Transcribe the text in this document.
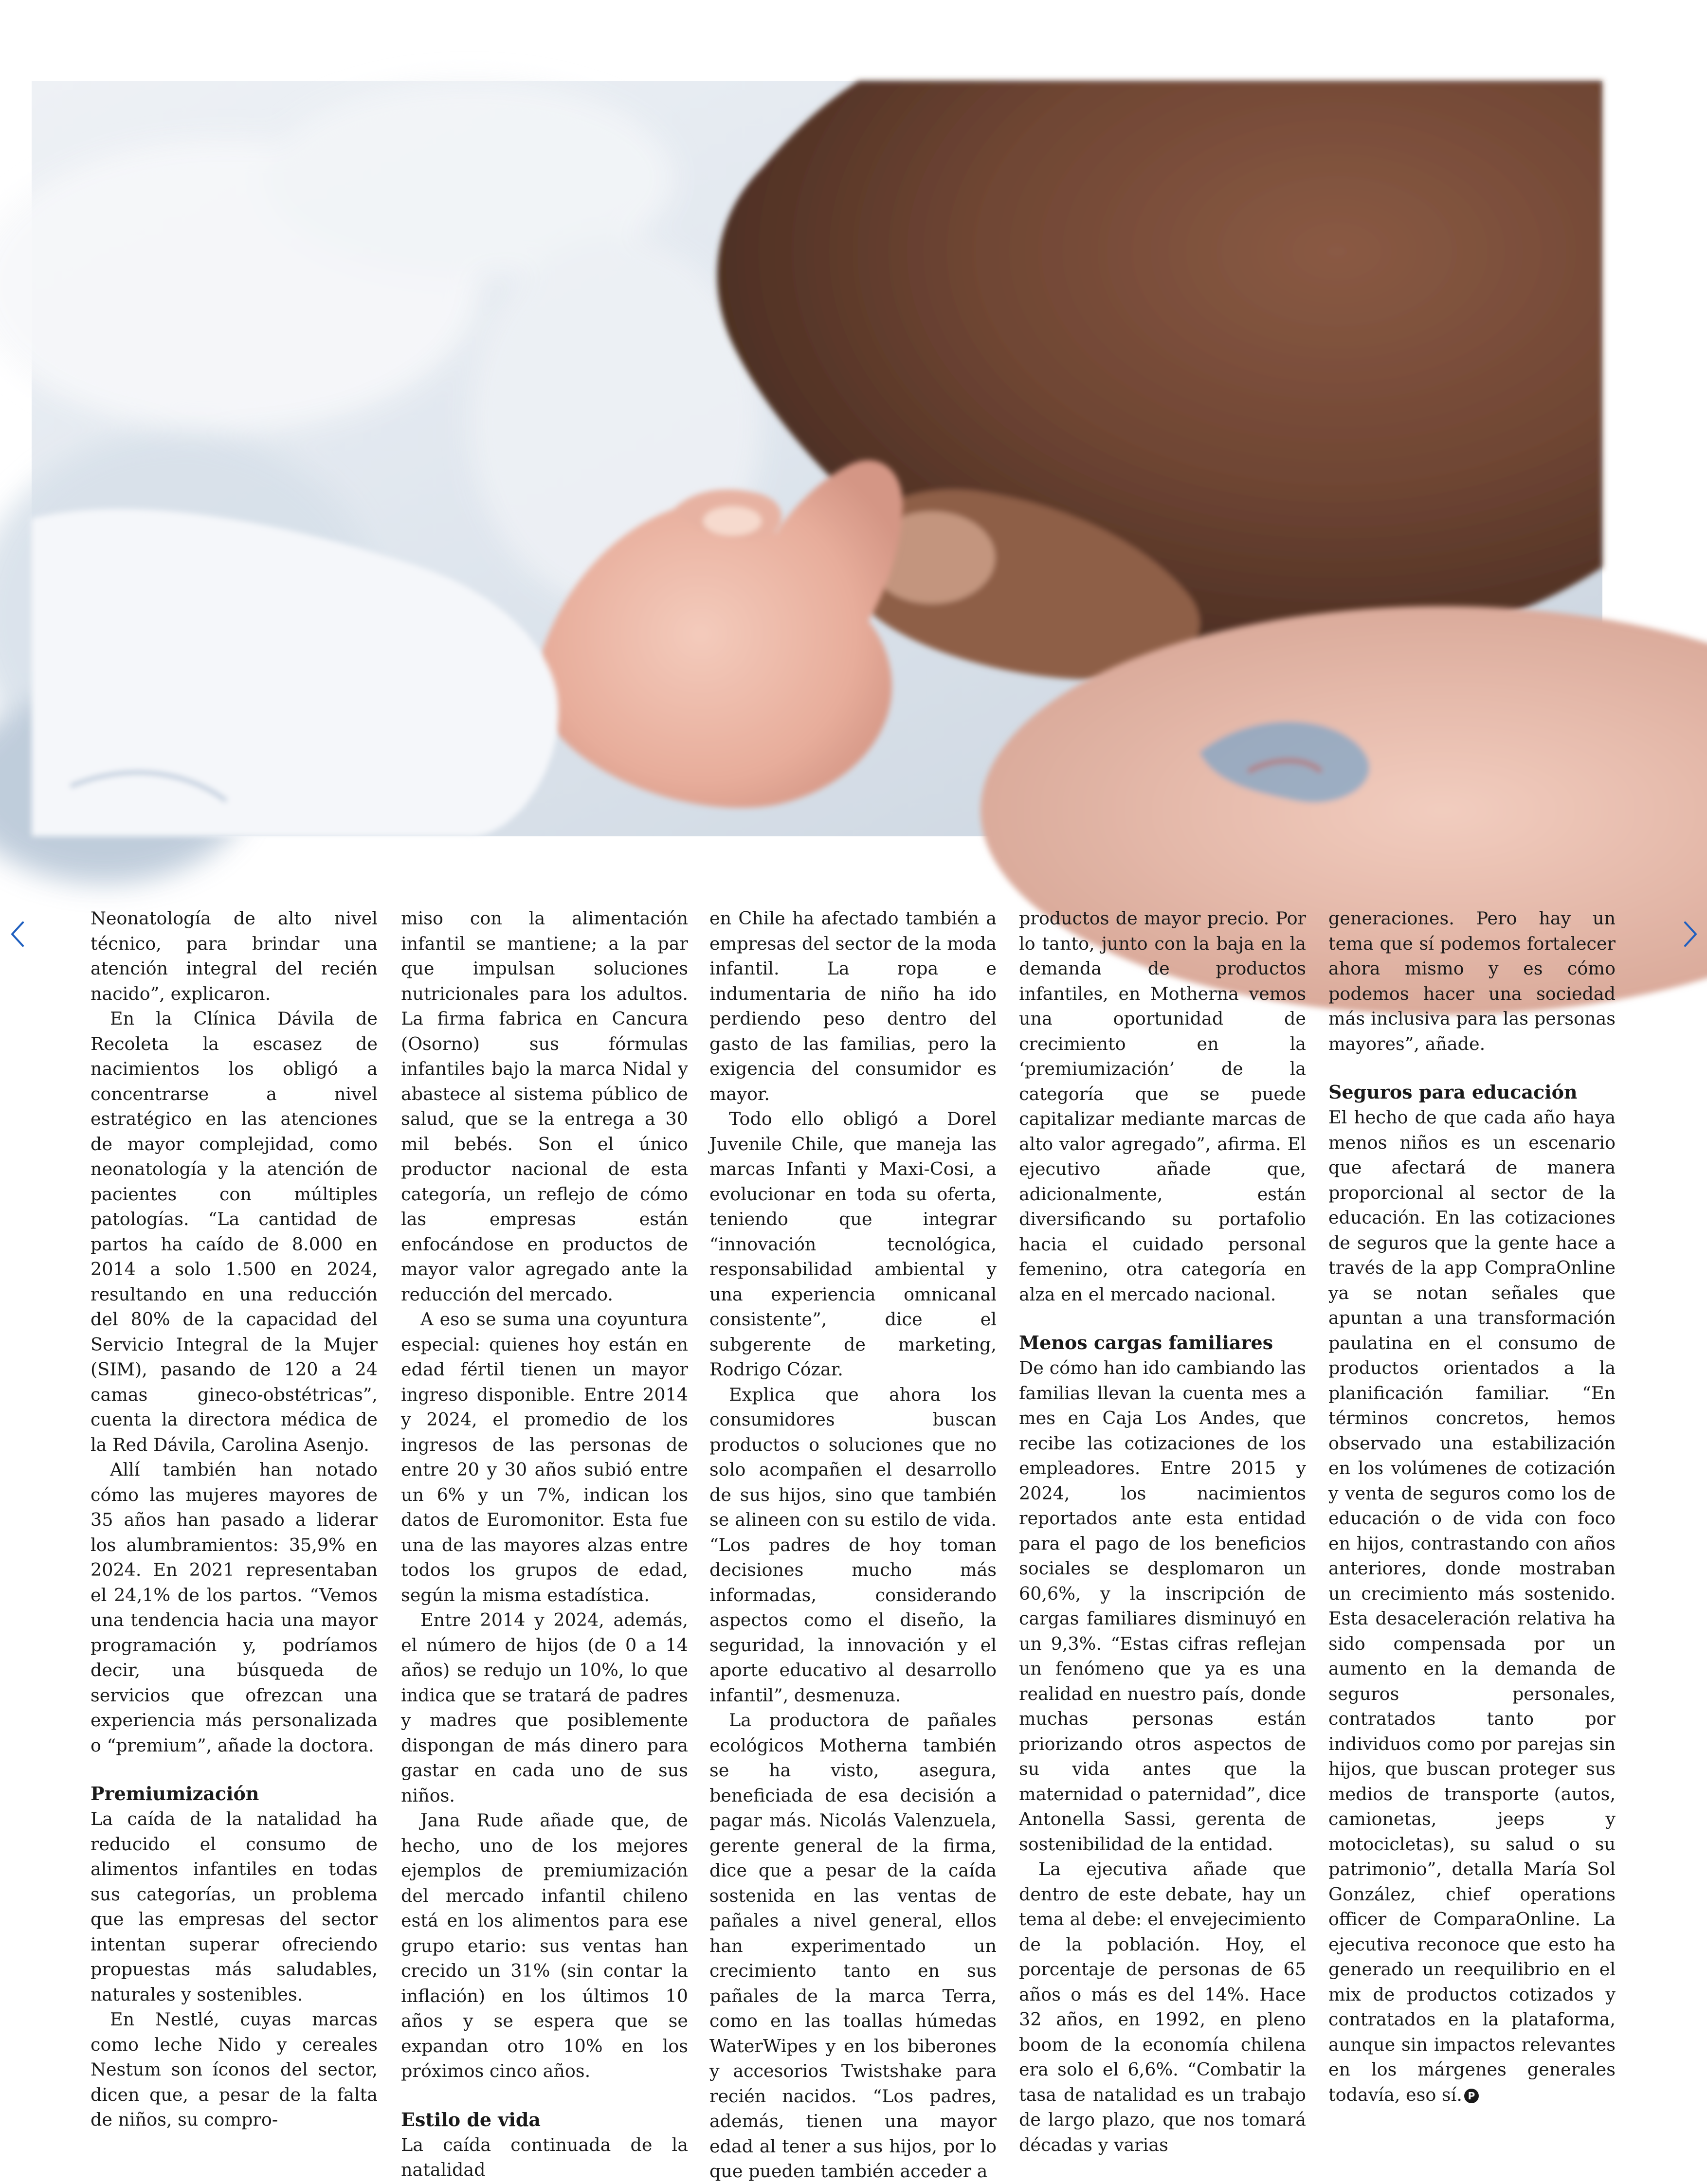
Neonatología de alto nivel técnico, para brindar una atención integral del recién nacido”, explicaron.

En la Clínica Dávila de Recoleta la escasez de nacimientos los obligó a concentrarse a nivel estratégico en las atenciones de mayor complejidad, como neonatología y la atención de pacientes con múltiples patologías. “La cantidad de partos ha caído de 8.000 en 2014 a solo 1.500 en 2024, resultando en una reducción del 80% de la capacidad del Servicio Integral de la Mujer (SIM), pasando de 120 a 24 camas gineco-obstétricas”, cuenta la directora médica de la Red Dávila, Carolina Asenjo.

Allí también han notado cómo las mujeres mayores de 35 años han pasado a liderar los alumbramientos: 35,9% en 2024. En 2021 representaban el 24,1% de los partos. “Vemos una tendencia hacia una mayor programación y, podríamos decir, una búsqueda de servicios que ofrezcan una experiencia más personalizada o “premium”, añade la doctora.

Premiumización

La caída de la natalidad ha reducido el consumo de alimentos infantiles en todas sus categorías, un problema que las empresas del sector intentan superar ofreciendo propuestas más saludables, naturales y sostenibles.

En Nestlé, cuyas marcas como leche Nido y cereales Nestum son íconos del sector, dicen que, a pesar de la falta de niños, su compro-

miso con la alimentación infantil se mantiene; a la par que impulsan soluciones nutricionales para los adultos. La firma fabrica en Cancura (Osorno) sus fórmulas infantiles bajo la marca Nidal y abastece al sistema público de salud, que se la entrega a 30 mil bebés. Son el único productor nacional de esta categoría, un reflejo de cómo las empresas están enfocándose en productos de mayor valor agregado ante la reducción del mercado.

A eso se suma una coyuntura especial: quienes hoy están en edad fértil tienen un mayor ingreso disponible. Entre 2014 y 2024, el promedio de los ingresos de las personas de entre 20 y 30 años subió entre un 6% y un 7%, indican los datos de Euromonitor. Esta fue una de las mayores alzas entre todos los grupos de edad, según la misma estadística.

Entre 2014 y 2024, además, el número de hijos (de 0 a 14 años) se redujo un 10%, lo que indica que se tratará de padres y madres que posiblemente dispongan de más dinero para gastar en cada uno de sus niños.

Jana Rude añade que, de hecho, uno de los mejores ejemplos de premiumización del mercado infantil chileno está en los alimentos para ese grupo etario: sus ventas han crecido un 31% (sin contar la inflación) en los últimos 10 años y se espera que se expandan otro 10% en los próximos cinco años.

Estilo de vida

La caída continuada de la natalidad

en Chile ha afectado también a empresas del sector de la moda infantil. La ropa e indumentaria de niño ha ido perdiendo peso dentro del gasto de las familias, pero la exigencia del consumidor es mayor.

Todo ello obligó a Dorel Juvenile Chile, que maneja las marcas Infanti y Maxi-Cosi, a evolucionar en toda su oferta, teniendo que integrar “innovación tecnológica, responsabilidad ambiental y una experiencia omnicanal consistente”, dice el subgerente de marketing, Rodrigo Cózar.

Explica que ahora los consumidores buscan productos o soluciones que no solo acompañen el desarrollo de sus hijos, sino que también se alineen con su estilo de vida. “Los padres de hoy toman decisiones mucho más informadas, considerando aspectos como el diseño, la seguridad, la innovación y el aporte educativo al desarrollo infantil”, desmenuza.

La productora de pañales ecológicos Motherna también se ha visto, asegura, beneficiada de esa decisión a pagar más. Nicolás Valenzuela, gerente general de la firma, dice que a pesar de la caída sostenida en las ventas de pañales a nivel general, ellos han experimentado un crecimiento tanto en sus pañales de la marca Terra, como en las toallas húmedas WaterWipes y en los biberones y accesorios Twistshake para recién nacidos. “Los padres, además, tienen una mayor edad al tener a sus hijos, por lo que pueden también acceder a

productos de mayor precio. Por lo tanto, junto con la baja en la demanda de productos infantiles, en Motherna vemos una oportunidad de crecimiento en la ‘premiumización’ de la categoría que se puede capitalizar mediante marcas de alto valor agregado”, afirma. El ejecutivo añade que, adicionalmente, están diversificando su portafolio hacia el cuidado personal femenino, otra categoría en alza en el mercado nacional.

Menos cargas familiares

De cómo han ido cambiando las familias llevan la cuenta mes a mes en Caja Los Andes, que recibe las cotizaciones de los empleadores. Entre 2015 y 2024, los nacimientos reportados ante esta entidad para el pago de los beneficios sociales se desplomaron un 60,6%, y la inscripción de cargas familiares disminuyó en un 9,3%. “Estas cifras reflejan un fenómeno que ya es una realidad en nuestro país, donde muchas personas están priorizando otros aspectos de su vida antes que la maternidad o paternidad”, dice Antonella Sassi, gerenta de sostenibilidad de la entidad.

La ejecutiva añade que dentro de este debate, hay un tema al debe: el envejecimiento de la población. Hoy, el porcentaje de personas de 65 años o más es del 14%. Hace 32 años, en 1992, en pleno boom de la economía chilena era solo el 6,6%. “Combatir la tasa de natalidad es un trabajo de largo plazo, que nos tomará décadas y varias

generaciones. Pero hay un tema que sí podemos fortalecer ahora mismo y es cómo podemos hacer una sociedad más inclusiva para las personas mayores”, añade.

Seguros para educación

El hecho de que cada año haya menos niños es un escenario que afectará de manera proporcional al sector de la educación. En las cotizaciones de seguros que la gente hace a través de la app CompraOnline ya se notan señales que apuntan a una transformación paulatina en el consumo de productos orientados a la planificación familiar. “En términos concretos, hemos observado una estabilización en los volúmenes de cotización y venta de seguros como los de educación o de vida con foco en hijos, contrastando con años anteriores, donde mostraban un crecimiento más sostenido. Esta desaceleración relativa ha sido compensada por un aumento en la demanda de seguros personales, contratados tanto por individuos como por parejas sin hijos, que buscan proteger sus medios de transporte (autos, camionetas, jeeps y motocicletas), su salud o su patrimonio”, detalla María Sol González, chief operations officer de ComparaOnline. La ejecutiva reconoce que esto ha generado un reequilibrio en el mix de productos cotizados y contratados en la plataforma, aunque sin impactos relevantes en los márgenes generales todavía, eso sí. P
